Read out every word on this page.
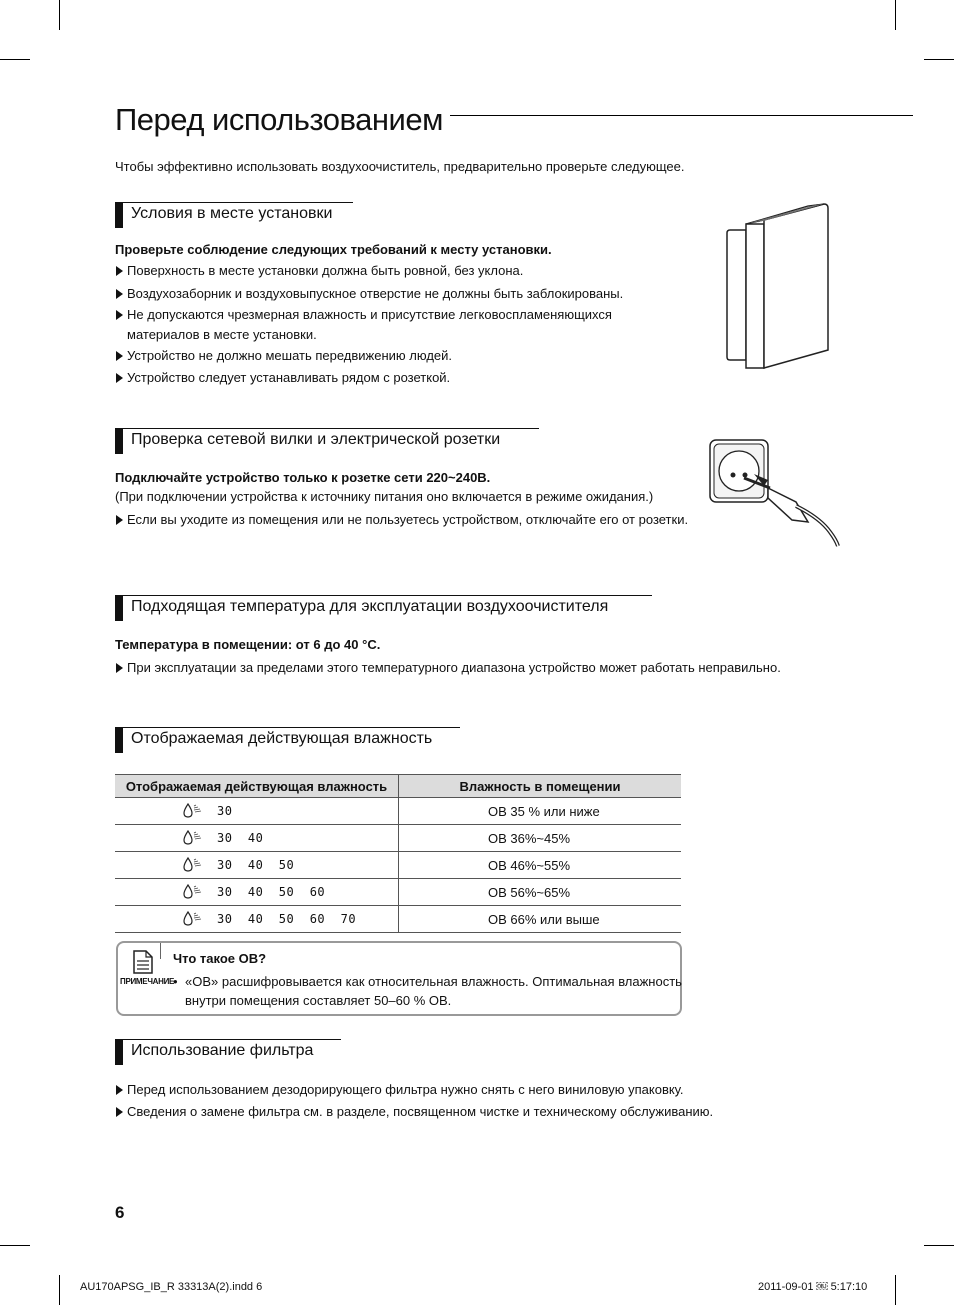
Перед использованием
Чтобы эффективно использовать воздухоочиститель, предварительно проверьте следующее.
Условия в месте установки
Проверьте соблюдение следующих требований к месту установки.
Поверхность в месте установки должна быть ровной, без уклона.
Воздухозаборник и воздуховыпускное отверстие не должны быть заблокированы.
Не допускаются чрезмерная влажность и присутствие легковоспламеняющихся материалов в месте установки.
Устройство не должно мешать передвижению людей.
Устройство следует устанавливать рядом с розеткой.
Проверка сетевой вилки и электрической розетки
Подключайте устройство только к розетке сети 220~240В.
(При подключении устройства к источнику питания оно включается в режиме ожидания.)
Если вы уходите из помещения или не пользуетесь устройством, отключайте его от розетки.
Подходящая температура для эксплуатации воздухоочистителя
Температура в помещении: от 6 до 40 °C.
При эксплуатации за пределами этого температурного диапазона устройство может работать неправильно.
Отображаемая действующая влажность
Отображаемая действующая влажность	Влажность в помещении

30	ОВ 35 % или ниже

30  40	ОВ 36%~45%

30  40  50	ОВ 46%~55%

30  40  50  60	ОВ 56%~65%

30  40  50  60  70	ОВ 66% или выше
ПРИМЕЧАНИЕ
Что такое ОВ?
• «ОВ» расшифровывается как относительная влажность. Оптимальная влажность внутри помещения составляет 50–60 % ОВ.
Использование фильтра
Перед использованием дезодорирующего фильтра нужно снять с него виниловую упаковку.
Сведения о замене фильтра см. в разделе, посвященном чистке и техническому обслуживанию.
6
AU170APSG_IB_R 33313A(2).indd 6	2011-09-01 ￼ 5:17:10
